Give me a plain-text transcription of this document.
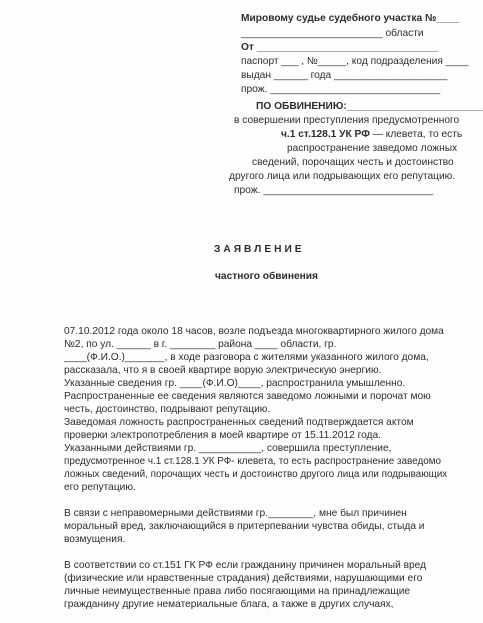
Мировому судье судебного участка №____
_________________________ области
От ________________________________
паспорт ___ , №_____, код подразделения ____
выдан ______ года ____________________
прож. ______________________________
ПО ОБВИНЕНИЮ:________________________
в совершении преступления предусмотренного
ч.1 ст.128.1 УК РФ — клевета, то есть
распространение заведомо ложных
сведений, порочащих честь и достоинство
другого лица или подрывающих его репутацию.
прож. ______________________________
ЗАЯВЛЕНИЕ
частного обвинения
07.10.2012 года около 18 часов, возле подъезда многоквартирного жилого дома
№2, по ул. ______ в г. ________ района ____ области, гр.
____(Ф.И.О.)_______, в ходе разговора с жителями указанного жилого дома,
рассказала, что я в своей квартире ворую электрическую энергию.
Указанные сведения гр. ____(Ф.И.О)____, распространила умышленно.
Распространенные ее сведения являются заведомо ложными и порочат мою
честь, достоинство, подрывают репутацию.
Заведомая ложность распространенных сведений подтверждается актом
проверки электропотребления в моей квартире от 15.11.2012 года.
Указанными действиями гр. ___________, совершила преступление,
предусмотренное ч.1 ст.128.1 УК РФ- клевета, то есть распространение заведомо
ложных сведений, порочащих честь и достоинство другого лица или подрывающих
его репутацию.
В связи с неправомерными действиями гр.________, мне был причинен
моральный вред, заключающийся в притерпевании чувства обиды, стыда и
возмущения.
В соответствии со ст.151 ГК РФ если гражданину причинен моральный вред
(физические или нравственные страдания) действиями, нарушающими его
личные неимущественные права либо посягающими на принадлежащие
гражданину другие нематериальные блага, а также в других случаях,
